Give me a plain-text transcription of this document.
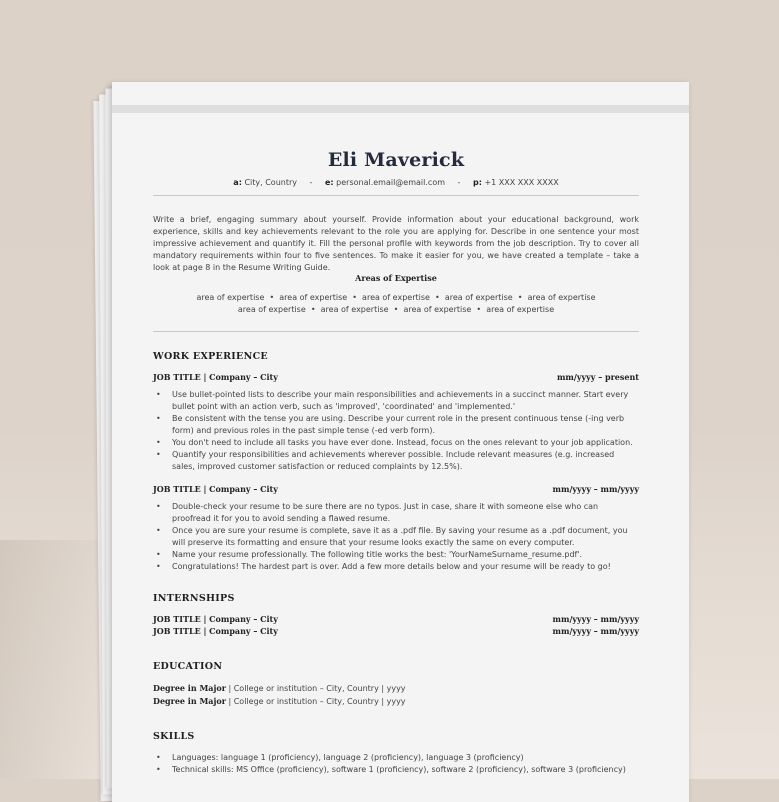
Eli Maverick
a: City, Country - e: personal.email@email.com - p: +1 XXX XXX XXXX
Write a brief, engaging summary about yourself. Provide information about your educational background, work experience, skills and key achievements relevant to the role you are applying for. Describe in one sentence your most impressive achievement and quantify it. Fill the personal profile with keywords from the job description. Try to cover all mandatory requirements within four to five sentences. To make it easier for you, we have created a template – take a look at page 8 in the Resume Writing Guide.
Areas of Expertise
area of expertise  •  area of expertise  •  area of expertise  •  area of expertise  •  area of expertise
area of expertise  •  area of expertise  •  area of expertise  •  area of expertise
WORK EXPERIENCE
JOB TITLE | Company – City	mm/yyyy – present
• Use bullet-pointed lists to describe your main responsibilities and achievements in a succinct manner. Start every bullet point with an action verb, such as 'improved', 'coordinated' and 'implemented.'
• Be consistent with the tense you are using. Describe your current role in the present continuous tense (-ing verb form) and previous roles in the past simple tense (-ed verb form).
• You don't need to include all tasks you have ever done. Instead, focus on the ones relevant to your job application.
• Quantify your responsibilities and achievements wherever possible. Include relevant measures (e.g. increased sales, improved customer satisfaction or reduced complaints by 12.5%).
JOB TITLE | Company – City	mm/yyyy – mm/yyyy
• Double-check your resume to be sure there are no typos. Just in case, share it with someone else who can proofread it for you to avoid sending a flawed resume.
• Once you are sure your resume is complete, save it as a .pdf file. By saving your resume as a .pdf document, you will preserve its formatting and ensure that your resume looks exactly the same on every computer.
• Name your resume professionally. The following title works the best: 'YourNameSurname_resume.pdf'.
• Congratulations! The hardest part is over. Add a few more details below and your resume will be ready to go!
INTERNSHIPS
JOB TITLE | Company – City	mm/yyyy – mm/yyyy
JOB TITLE | Company – City	mm/yyyy – mm/yyyy
EDUCATION
Degree in Major | College or institution – City, Country | yyyy
Degree in Major | College or institution – City, Country | yyyy
SKILLS
• Languages: language 1 (proficiency), language 2 (proficiency), language 3 (proficiency)
• Technical skills: MS Office (proficiency), software 1 (proficiency), software 2 (proficiency), software 3 (proficiency)
